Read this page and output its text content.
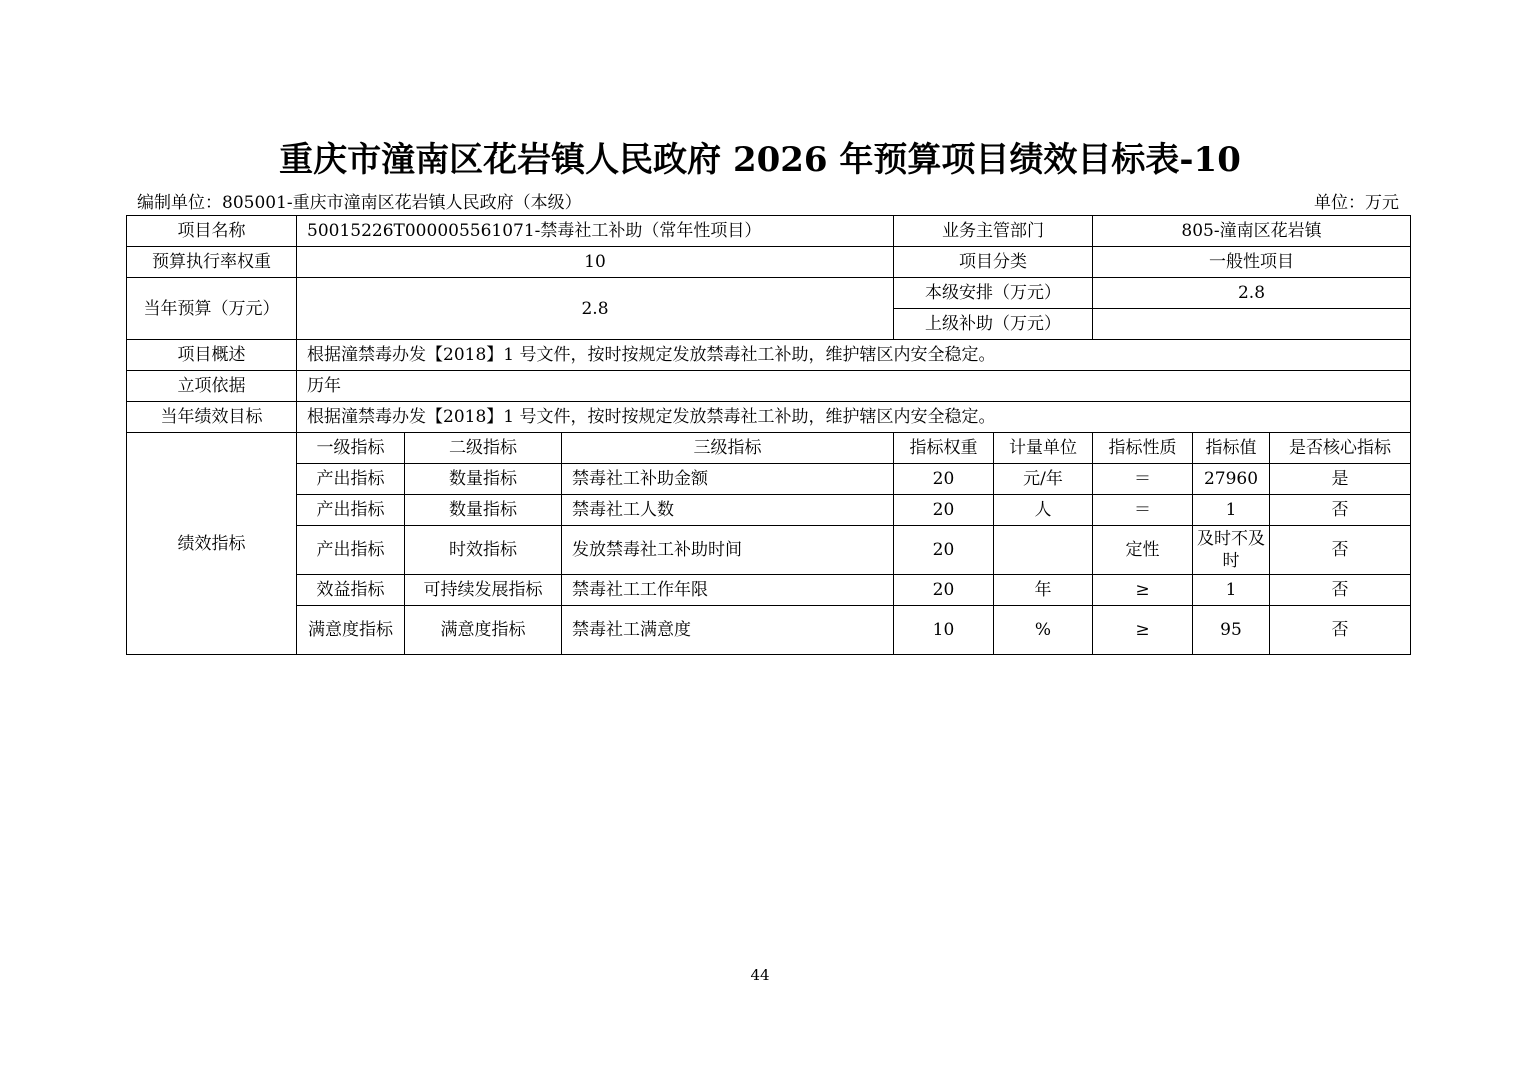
重庆市潼南区花岩镇人民政府 2026 年预算项目绩效目标表-10
编制单位：805001-重庆市潼南区花岩镇人民政府（本级）	单位：万元
项目名称	50015226T000005561071-禁毒社工补助（常年性项目）			业务主管部门		805-潼南区花岩镇		
预算执行率权重	10			项目分类		一般性项目		
当年预算（万元）	2.8			本级安排（万元）		2.8		
				上级补助（万元）				
项目概述	根据潼禁毒办发【2018】1 号文件，按时按规定发放禁毒社工补助，维护辖区内安全稳定。							
立项依据	历年							
当年绩效目标	根据潼禁毒办发【2018】1 号文件，按时按规定发放禁毒社工补助，维护辖区内安全稳定。							
绩效指标	一级指标	二级指标	三级指标	指标权重	计量单位	指标性质	指标值	是否核心指标
	产出指标	数量指标	禁毒社工补助金额	20	元/年	＝	27960	是
	产出指标	数量指标	禁毒社工人数	20	人	＝	1	否
	产出指标	时效指标	发放禁毒社工补助时间	20		定性	及时不及时	否
	效益指标	可持续发展指标	禁毒社工工作年限	20	年	≥	1	否
	满意度指标	满意度指标	禁毒社工满意度	10	%	≥	95	否
44
